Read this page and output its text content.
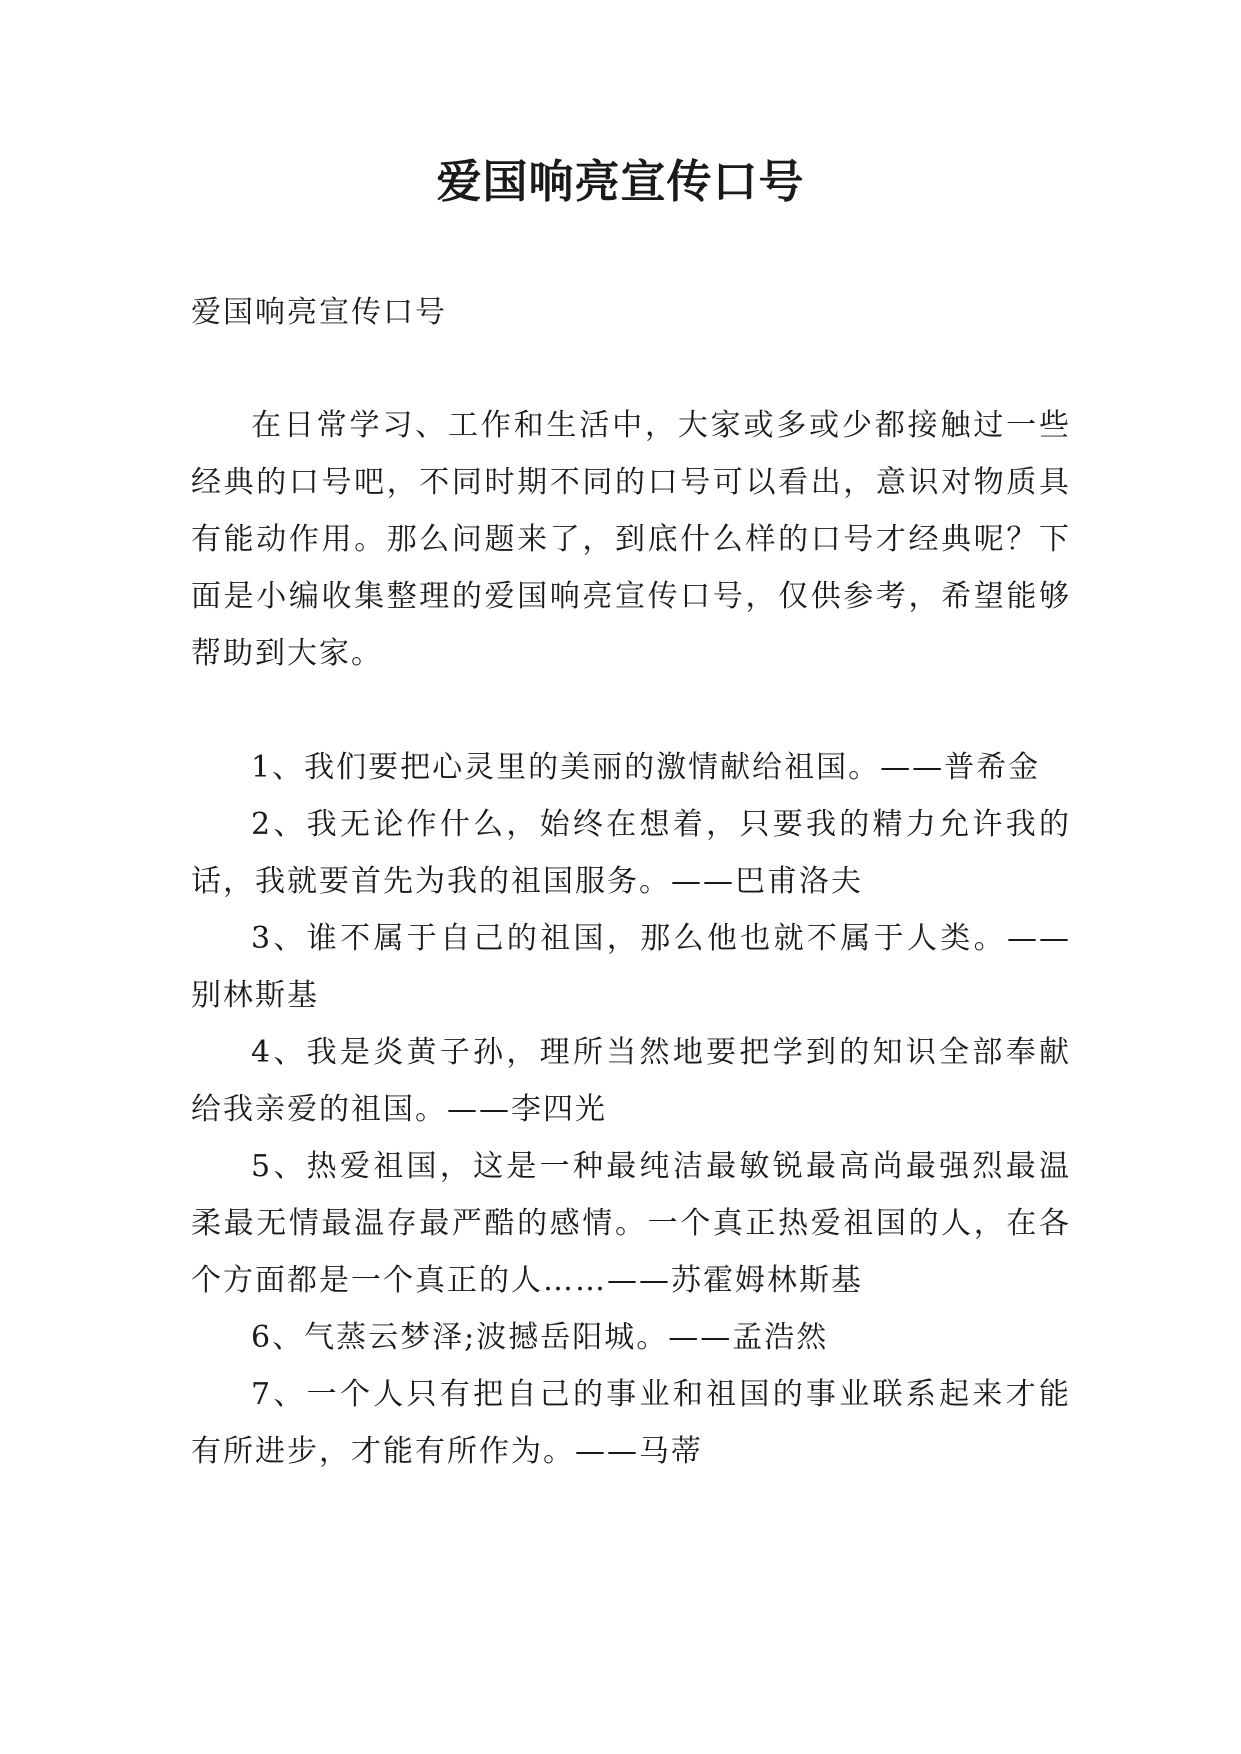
爱国响亮宣传口号

爱国响亮宣传口号

在日常学习、工作和生活中，大家或多或少都接触过一些经典的口号吧，不同时期不同的口号可以看出，意识对物质具有能动作用。那么问题来了，到底什么样的口号才经典呢？下面是小编收集整理的爱国响亮宣传口号，仅供参考，希望能够帮助到大家。

1、我们要把心灵里的美丽的激情献给祖国。——普希金

2、我无论作什么，始终在想着，只要我的精力允许我的话，我就要首先为我的祖国服务。——巴甫洛夫

3、谁不属于自己的祖国，那么他也就不属于人类。——别林斯基

4、我是炎黄子孙，理所当然地要把学到的知识全部奉献给我亲爱的祖国。——李四光

5、热爱祖国，这是一种最纯洁最敏锐最高尚最强烈最温柔最无情最温存最严酷的感情。一个真正热爱祖国的人，在各个方面都是一个真正的人……——苏霍姆林斯基

6、气蒸云梦泽;波撼岳阳城。——孟浩然

7、一个人只有把自己的事业和祖国的事业联系起来才能有所进步，才能有所作为。——马蒂
